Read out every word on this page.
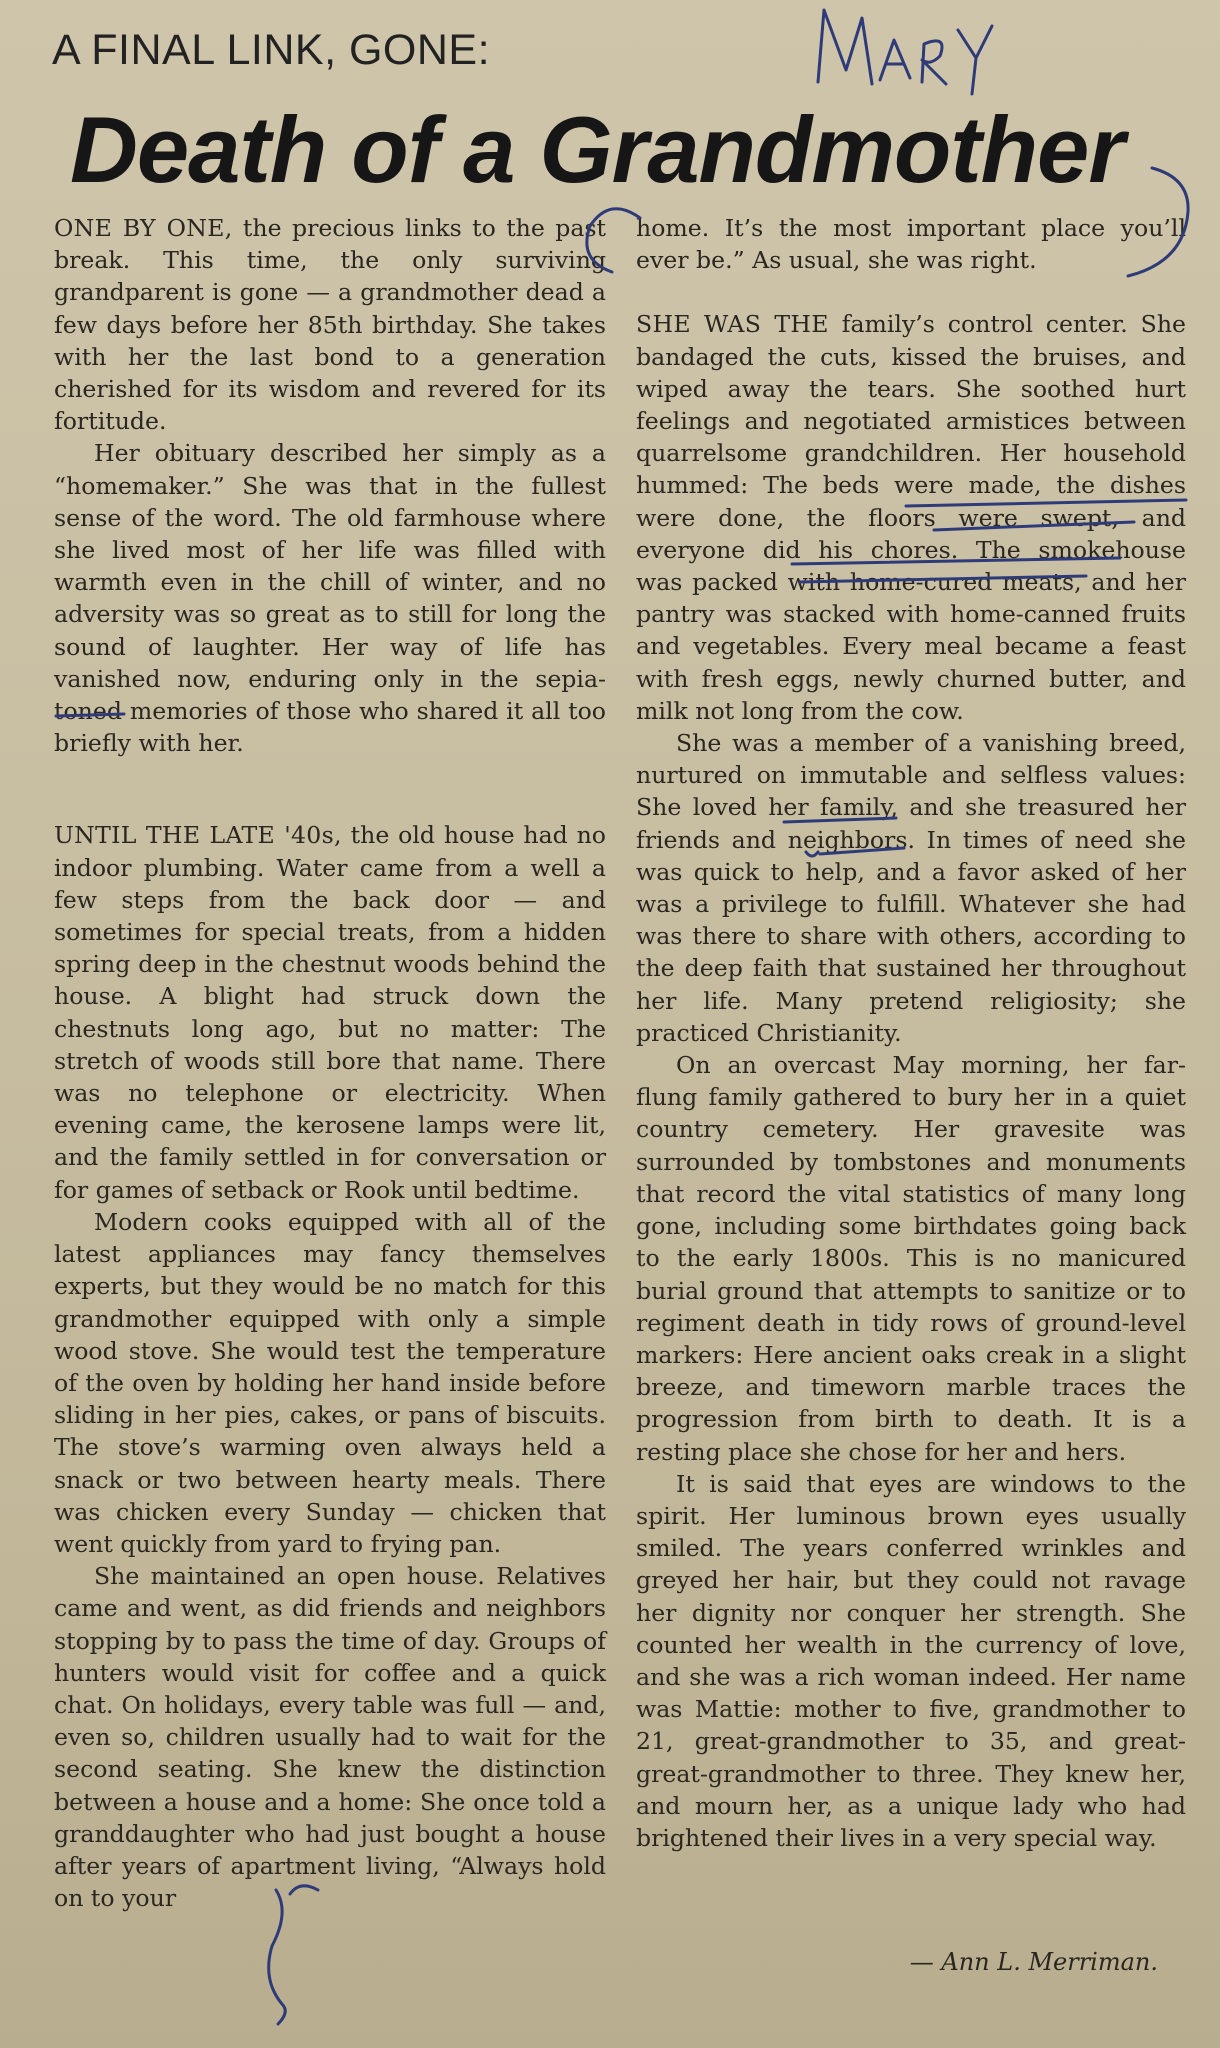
A FINAL LINK, GONE:
Death of a Grandmother

ONE BY ONE, the precious links to the past break. This time, the only surviving grandparent is gone — a grandmother dead a few days before her 85th birthday. She takes with her the last bond to a generation cherished for its wisdom and revered for its fortitude.

Her obituary described her simply as a “homemaker.” She was that in the fullest sense of the word. The old farmhouse where she lived most of her life was filled with warmth even in the chill of winter, and no adversity was so great as to still for long the sound of laughter. Her way of life has vanished now, enduring only in the sepia-toned memories of those who shared it all too briefly with her.

UNTIL THE LATE '40s, the old house had no indoor plumbing. Water came from a well a few steps from the back door — and sometimes for special treats, from a hidden spring deep in the chestnut woods behind the house. A blight had struck down the chestnuts long ago, but no matter: The stretch of woods still bore that name. There was no telephone or electricity. When evening came, the kerosene lamps were lit, and the family settled in for conversation or for games of setback or Rook until bedtime.

Modern cooks equipped with all of the latest appliances may fancy themselves experts, but they would be no match for this grandmother equipped with only a simple wood stove. She would test the temperature of the oven by holding her hand inside before sliding in her pies, cakes, or pans of biscuits. The stove’s warming oven always held a snack or two between hearty meals. There was chicken every Sunday — chicken that went quickly from yard to frying pan.

She maintained an open house. Relatives came and went, as did friends and neighbors stopping by to pass the time of day. Groups of hunters would visit for coffee and a quick chat. On holidays, every table was full — and, even so, children usually had to wait for the second seating. She knew the distinction between a house and a home: She once told a granddaughter who had just bought a house after years of apartment living, “Always hold on to your

home. It’s the most important place you’ll ever be.” As usual, she was right.

SHE WAS THE family’s control center. She bandaged the cuts, kissed the bruises, and wiped away the tears. She soothed hurt feelings and negotiated armistices between quarrelsome grandchildren. Her household hummed: The beds were made, the dishes were done, the floors were swept, and everyone did his chores. The smokehouse was packed with home-cured meats, and her pantry was stacked with home-canned fruits and vegetables. Every meal became a feast with fresh eggs, newly churned butter, and milk not long from the cow.

She was a member of a vanishing breed, nurtured on immutable and selfless values: She loved her family, and she treasured her friends and neighbors. In times of need she was quick to help, and a favor asked of her was a privilege to fulfill. Whatever she had was there to share with others, according to the deep faith that sustained her throughout her life. Many pretend religiosity; she practiced Christianity.

On an overcast May morning, her far-flung family gathered to bury her in a quiet country cemetery. Her gravesite was surrounded by tombstones and monuments that record the vital statistics of many long gone, including some birthdates going back to the early 1800s. This is no manicured burial ground that attempts to sanitize or to regiment death in tidy rows of ground-level markers: Here ancient oaks creak in a slight breeze, and timeworn marble traces the progression from birth to death. It is a resting place she chose for her and hers.

It is said that eyes are windows to the spirit. Her luminous brown eyes usually smiled. The years conferred wrinkles and greyed her hair, but they could not ravage her dignity nor conquer her strength. She counted her wealth in the currency of love, and she was a rich woman indeed. Her name was Mattie: mother to five, grandmother to 21, great-grandmother to 35, and great-great-grandmother to three. They knew her, and mourn her, as a unique lady who had brightened their lives in a very special way.

— Ann L. Merriman.
